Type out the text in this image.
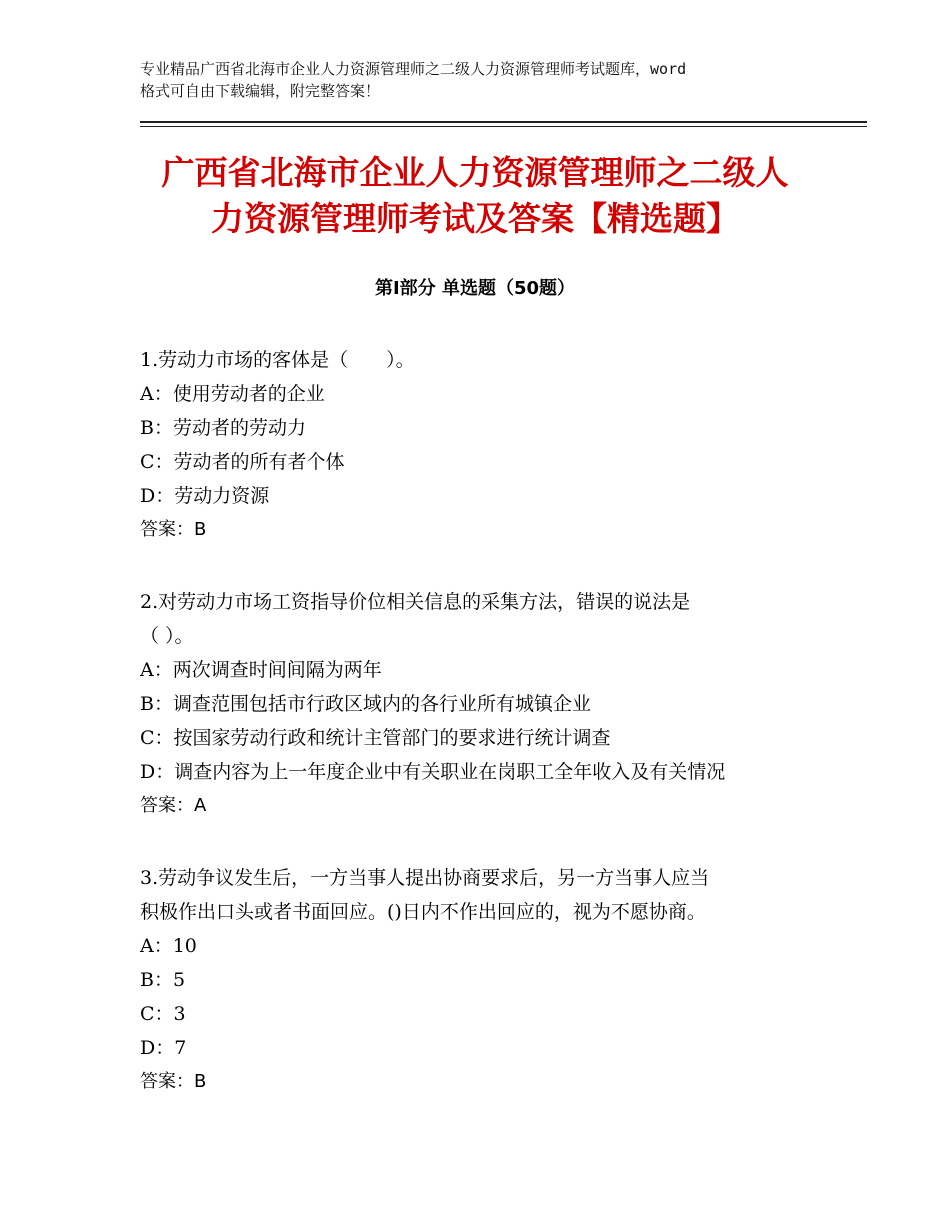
专业精品广西省北海市企业人力资源管理师之二级人力资源管理师考试题库，word
格式可自由下载编辑，附完整答案！
广西省北海市企业人力资源管理师之二级人
力资源管理师考试及答案【精选题】
第Ⅰ部分 单选题（50题）
1.劳动力市场的客体是（　　）。
A：使用劳动者的企业
B：劳动者的劳动力
C：劳动者的所有者个体
D：劳动力资源
答案：B
2.对劳动力市场工资指导价位相关信息的采集方法，错误的说法是
（ ）。
A：两次调查时间间隔为两年
B：调查范围包括市行政区域内的各行业所有城镇企业
C：按国家劳动行政和统计主管部门的要求进行统计调查
D：调查内容为上一年度企业中有关职业在岗职工全年收入及有关情况
答案：A
3.劳动争议发生后，一方当事人提出协商要求后，另一方当事人应当
积极作出口头或者书面回应。()日内不作出回应的，视为不愿协商。
A：10
B：5
C：3
D：7
答案：B
